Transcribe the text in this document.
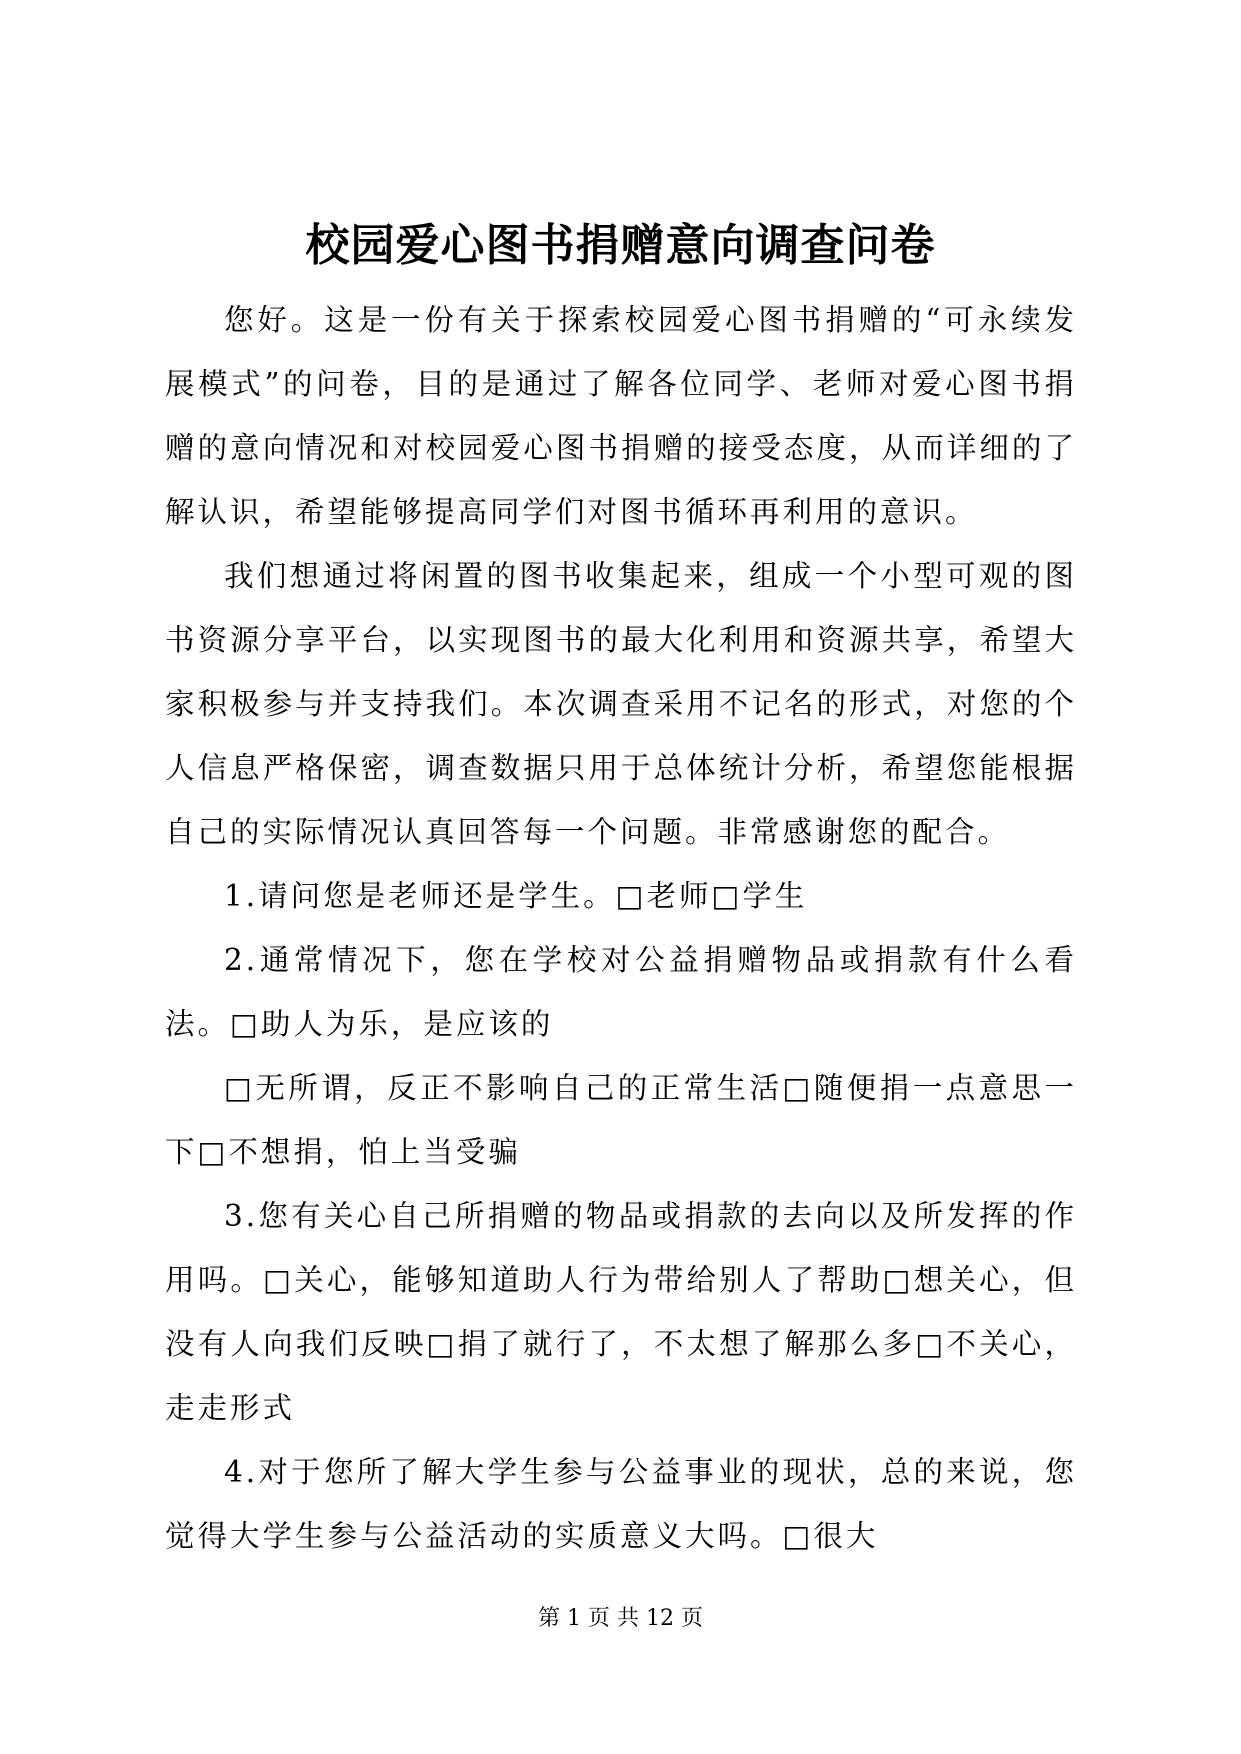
校园爱心图书捐赠意向调查问卷

您好。这是一份有关于探索校园爱心图书捐赠的“可永续发展模式”的问卷，目的是通过了解各位同学、老师对爱心图书捐赠的意向情况和对校园爱心图书捐赠的接受态度，从而详细的了解认识，希望能够提高同学们对图书循环再利用的意识。

我们想通过将闲置的图书收集起来，组成一个小型可观的图书资源分享平台，以实现图书的最大化利用和资源共享，希望大家积极参与并支持我们。本次调查采用不记名的形式，对您的个人信息严格保密，调查数据只用于总体统计分析，希望您能根据自己的实际情况认真回答每一个问题。非常感谢您的配合。

1.请问您是老师还是学生。□老师□学生

2.通常情况下，您在学校对公益捐赠物品或捐款有什么看法。□助人为乐，是应该的

□无所谓，反正不影响自己的正常生活□随便捐一点意思一下□不想捐，怕上当受骗

3.您有关心自己所捐赠的物品或捐款的去向以及所发挥的作用吗。□关心，能够知道助人行为带给别人了帮助□想关心，但没有人向我们反映□捐了就行了，不太想了解那么多□不关心，走走形式

4.对于您所了解大学生参与公益事业的现状，总的来说，您觉得大学生参与公益活动的实质意义大吗。□很大

第 1 页 共 12 页
